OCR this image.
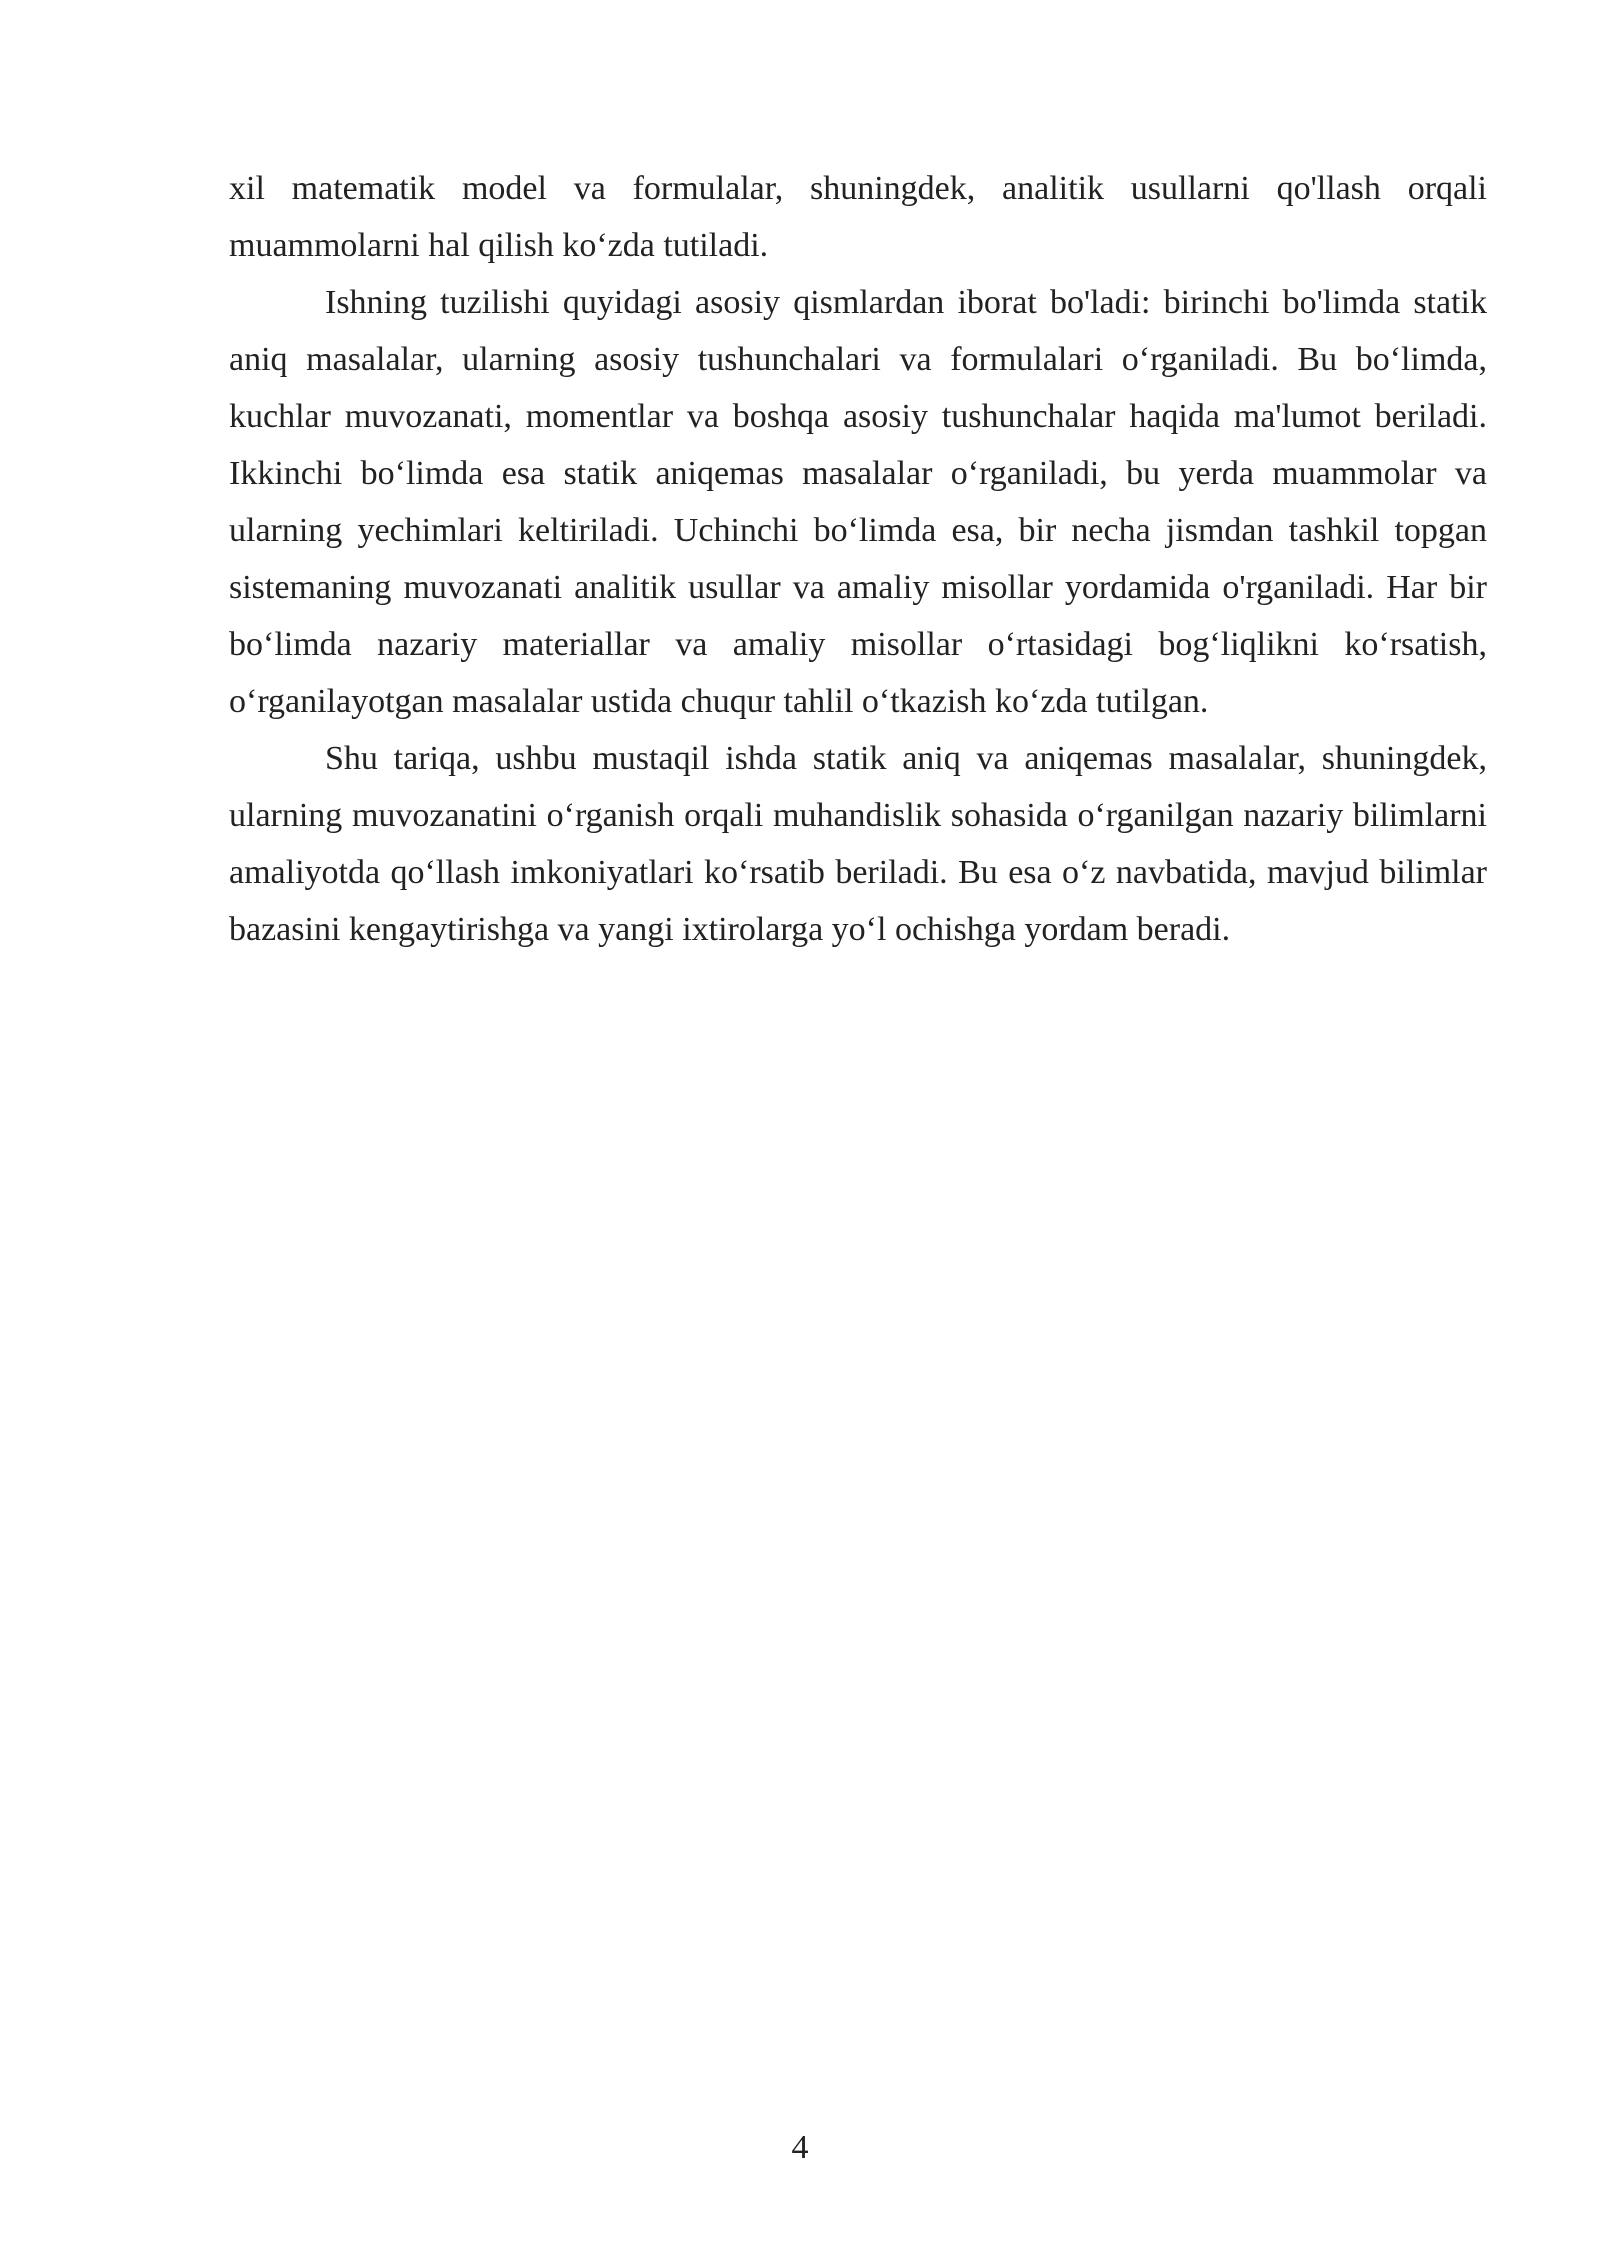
xil matematik model va formulalar, shuningdek, analitik usullarni qo'llash orqali muammolarni hal qilish ko‘zda tutiladi.

Ishning tuzilishi quyidagi asosiy qismlardan iborat bo'ladi: birinchi bo'limda statik aniq masalalar, ularning asosiy tushunchalari va formulalari o‘rganiladi. Bu bo‘limda, kuchlar muvozanati, momentlar va boshqa asosiy tushunchalar haqida ma'lumot beriladi. Ikkinchi bo‘limda esa statik aniqemas masalalar o‘rganiladi, bu yerda muammolar va ularning yechimlari keltiriladi. Uchinchi bo‘limda esa, bir necha jismdan tashkil topgan sistemaning muvozanati analitik usullar va amaliy misollar yordamida o'rganiladi. Har bir bo‘limda nazariy materiallar va amaliy misollar o‘rtasidagi bog‘liqlikni ko‘rsatish, o‘rganilayotgan masalalar ustida chuqur tahlil o‘tkazish ko‘zda tutilgan.

Shu tariqa, ushbu mustaqil ishda statik aniq va aniqemas masalalar, shuningdek, ularning muvozanatini o‘rganish orqali muhandislik sohasida o‘rganilgan nazariy bilimlarni amaliyotda qo‘llash imkoniyatlari ko‘rsatib beriladi. Bu esa o‘z navbatida, mavjud bilimlar bazasini kengaytirishga va yangi ixtirolarga yo‘l ochishga yordam beradi.

4
